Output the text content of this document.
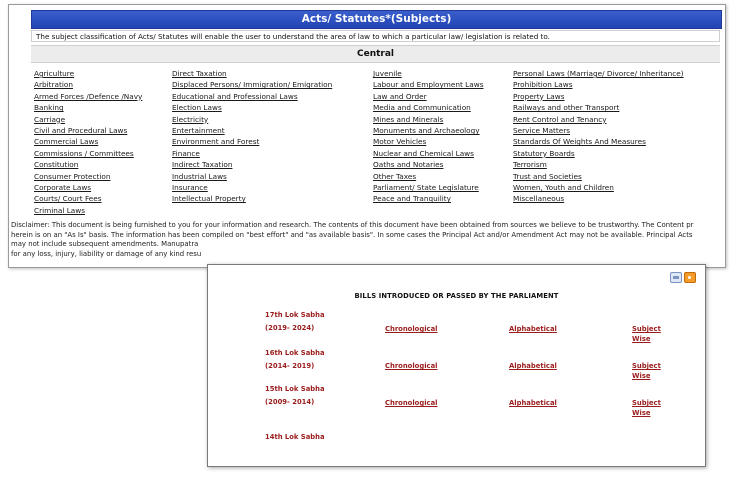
Acts/ Statutes*(Subjects)
The subject classification of Acts/ Statutes will enable the user to understand the area of law to which a particular law/ legislation is related to.
Central
Agriculture
Arbitration
Armed Forces /Defence /Navy
Banking
Carriage
Civil and Procedural Laws
Commercial Laws
Commissions / Committees
Constitution
Consumer Protection
Corporate Laws
Courts/ Court Fees
Criminal Laws
Direct Taxation
Displaced Persons/ Immigration/ Emigration
Educational and Professional Laws
Election Laws
Electricity
Entertainment
Environment and Forest
Finance
Indirect Taxation
Industrial Laws
Insurance
Intellectual Property
Juvenile
Labour and Employment Laws
Law and Order
Media and Communication
Mines and Minerals
Monuments and Archaeology
Motor Vehicles
Nuclear and Chemical Laws
Oaths and Notaries
Other Taxes
Parliament/ State Legislature
Peace and Tranquility
Personal Laws (Marriage/ Divorce/ Inheritance)
Prohibition Laws
Property Laws
Railways and other Transport
Rent Control and Tenancy
Service Matters
Standards Of Weights And Measures
Statutory Boards
Terrorism
Trust and Societies
Women, Youth and Children
Miscellaneous
Disclaimer: This document is being furnished to you for your information and research. The contents of this document have been obtained from sources we believe to be trustworthy. The Content pr
herein is on an "As Is" basis. The information has been compiled on "best effort" and "as available basis". In some cases the Principal Act and/or Amendment Act may not be available. Principal Acts
may not include subsequent amendments. Manupatra
for any loss, injury, liability or damage of any kind resu
BILLS INTRODUCED OR PASSED BY THE PARLIAMENT
17th Lok Sabha
(2019- 2024)	Chronological	Alphabetical	Subject
Wise
16th Lok Sabha
(2014- 2019)	Chronological	Alphabetical	Subject
Wise
15th Lok Sabha
(2009- 2014)	Chronological	Alphabetical	Subject
Wise
14th Lok Sabha
